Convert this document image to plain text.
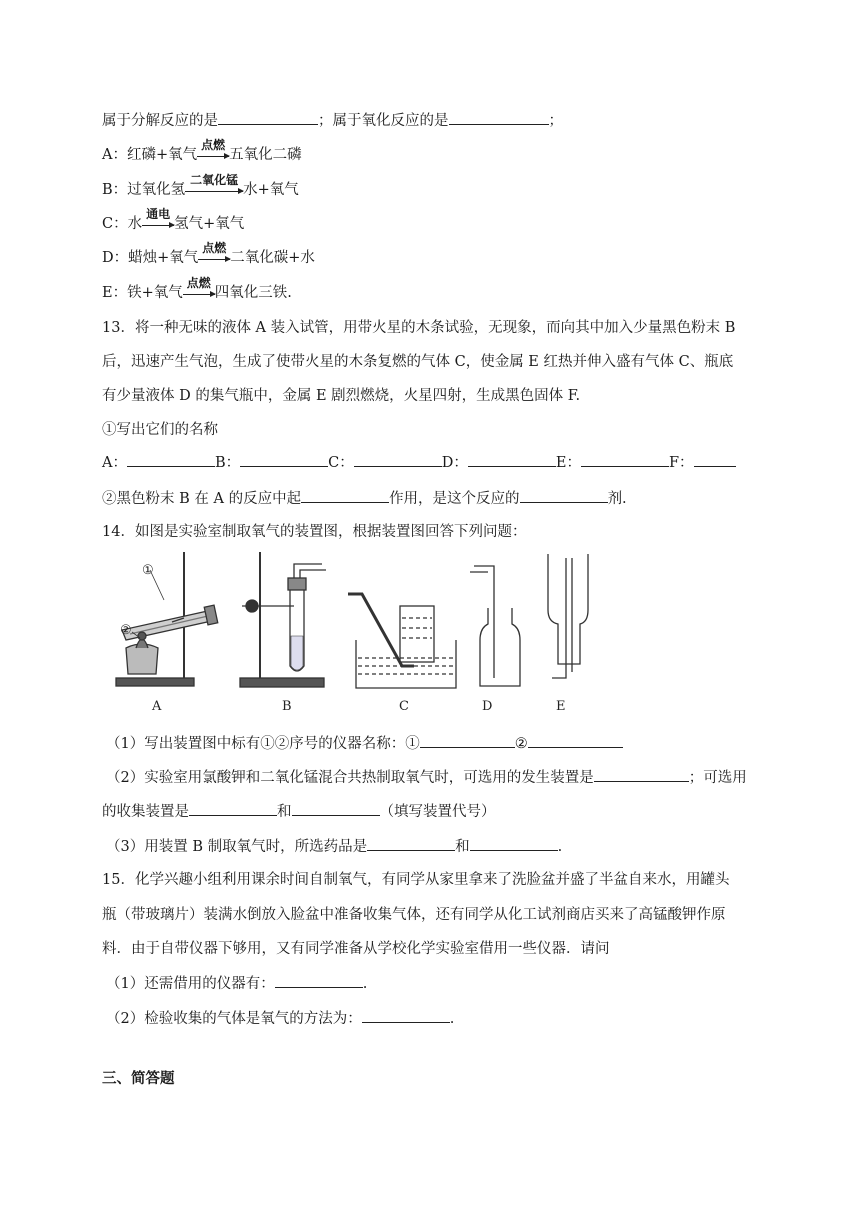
属于分解反应的是	；属于氧化反应的是	；
A：红磷+氧气
点燃
五氧化二磷
B：过氧化氢
二氧化锰
水+氧气
C：水
通电
氢气+氧气
D：蜡烛+氧气
点燃
二氧化碳+水
E：铁+氧气
点燃
四氧化三铁.
13．将一种无味的液体 A 装入试管，用带火星的木条试验，无现象，而向其中加入少量黑色粉末 B
后，迅速产生气泡，生成了使带火星的木条复燃的气体 C，使金属 E 红热并伸入盛有气体 C、瓶底
有少量液体 D 的集气瓶中，金属 E 剧烈燃烧，火星四射，生成黑色固体 F.
①写出它们的名称
A：	B：	C：	D：	E：	F：
②黑色粉末 B 在 A 的反应中起	作用，是这个反应的	剂.
14．如图是实验室制取氧气的装置图，根据装置图回答下列问题：
①
②
A	B	C	D	E
（1）写出装置图中标有①②序号的仪器名称：①	②
（2）实验室用氯酸钾和二氧化锰混合共热制取氧气时，可选用的发生装置是	；可选用
的收集装置是	和	（填写装置代号）
（3）用装置 B 制取氧气时，所选药品是	和	.
15．化学兴趣小组利用课余时间自制氧气，有同学从家里拿来了洗脸盆并盛了半盆自来水，用罐头
瓶（带玻璃片）装满水倒放入脸盆中准备收集气体，还有同学从化工试剂商店买来了高锰酸钾作原
料．由于自带仪器下够用，又有同学准备从学校化学实验室借用一些仪器．请问
（1）还需借用的仪器有：	.
（2）检验收集的气体是氧气的方法为：	.
三、简答题
